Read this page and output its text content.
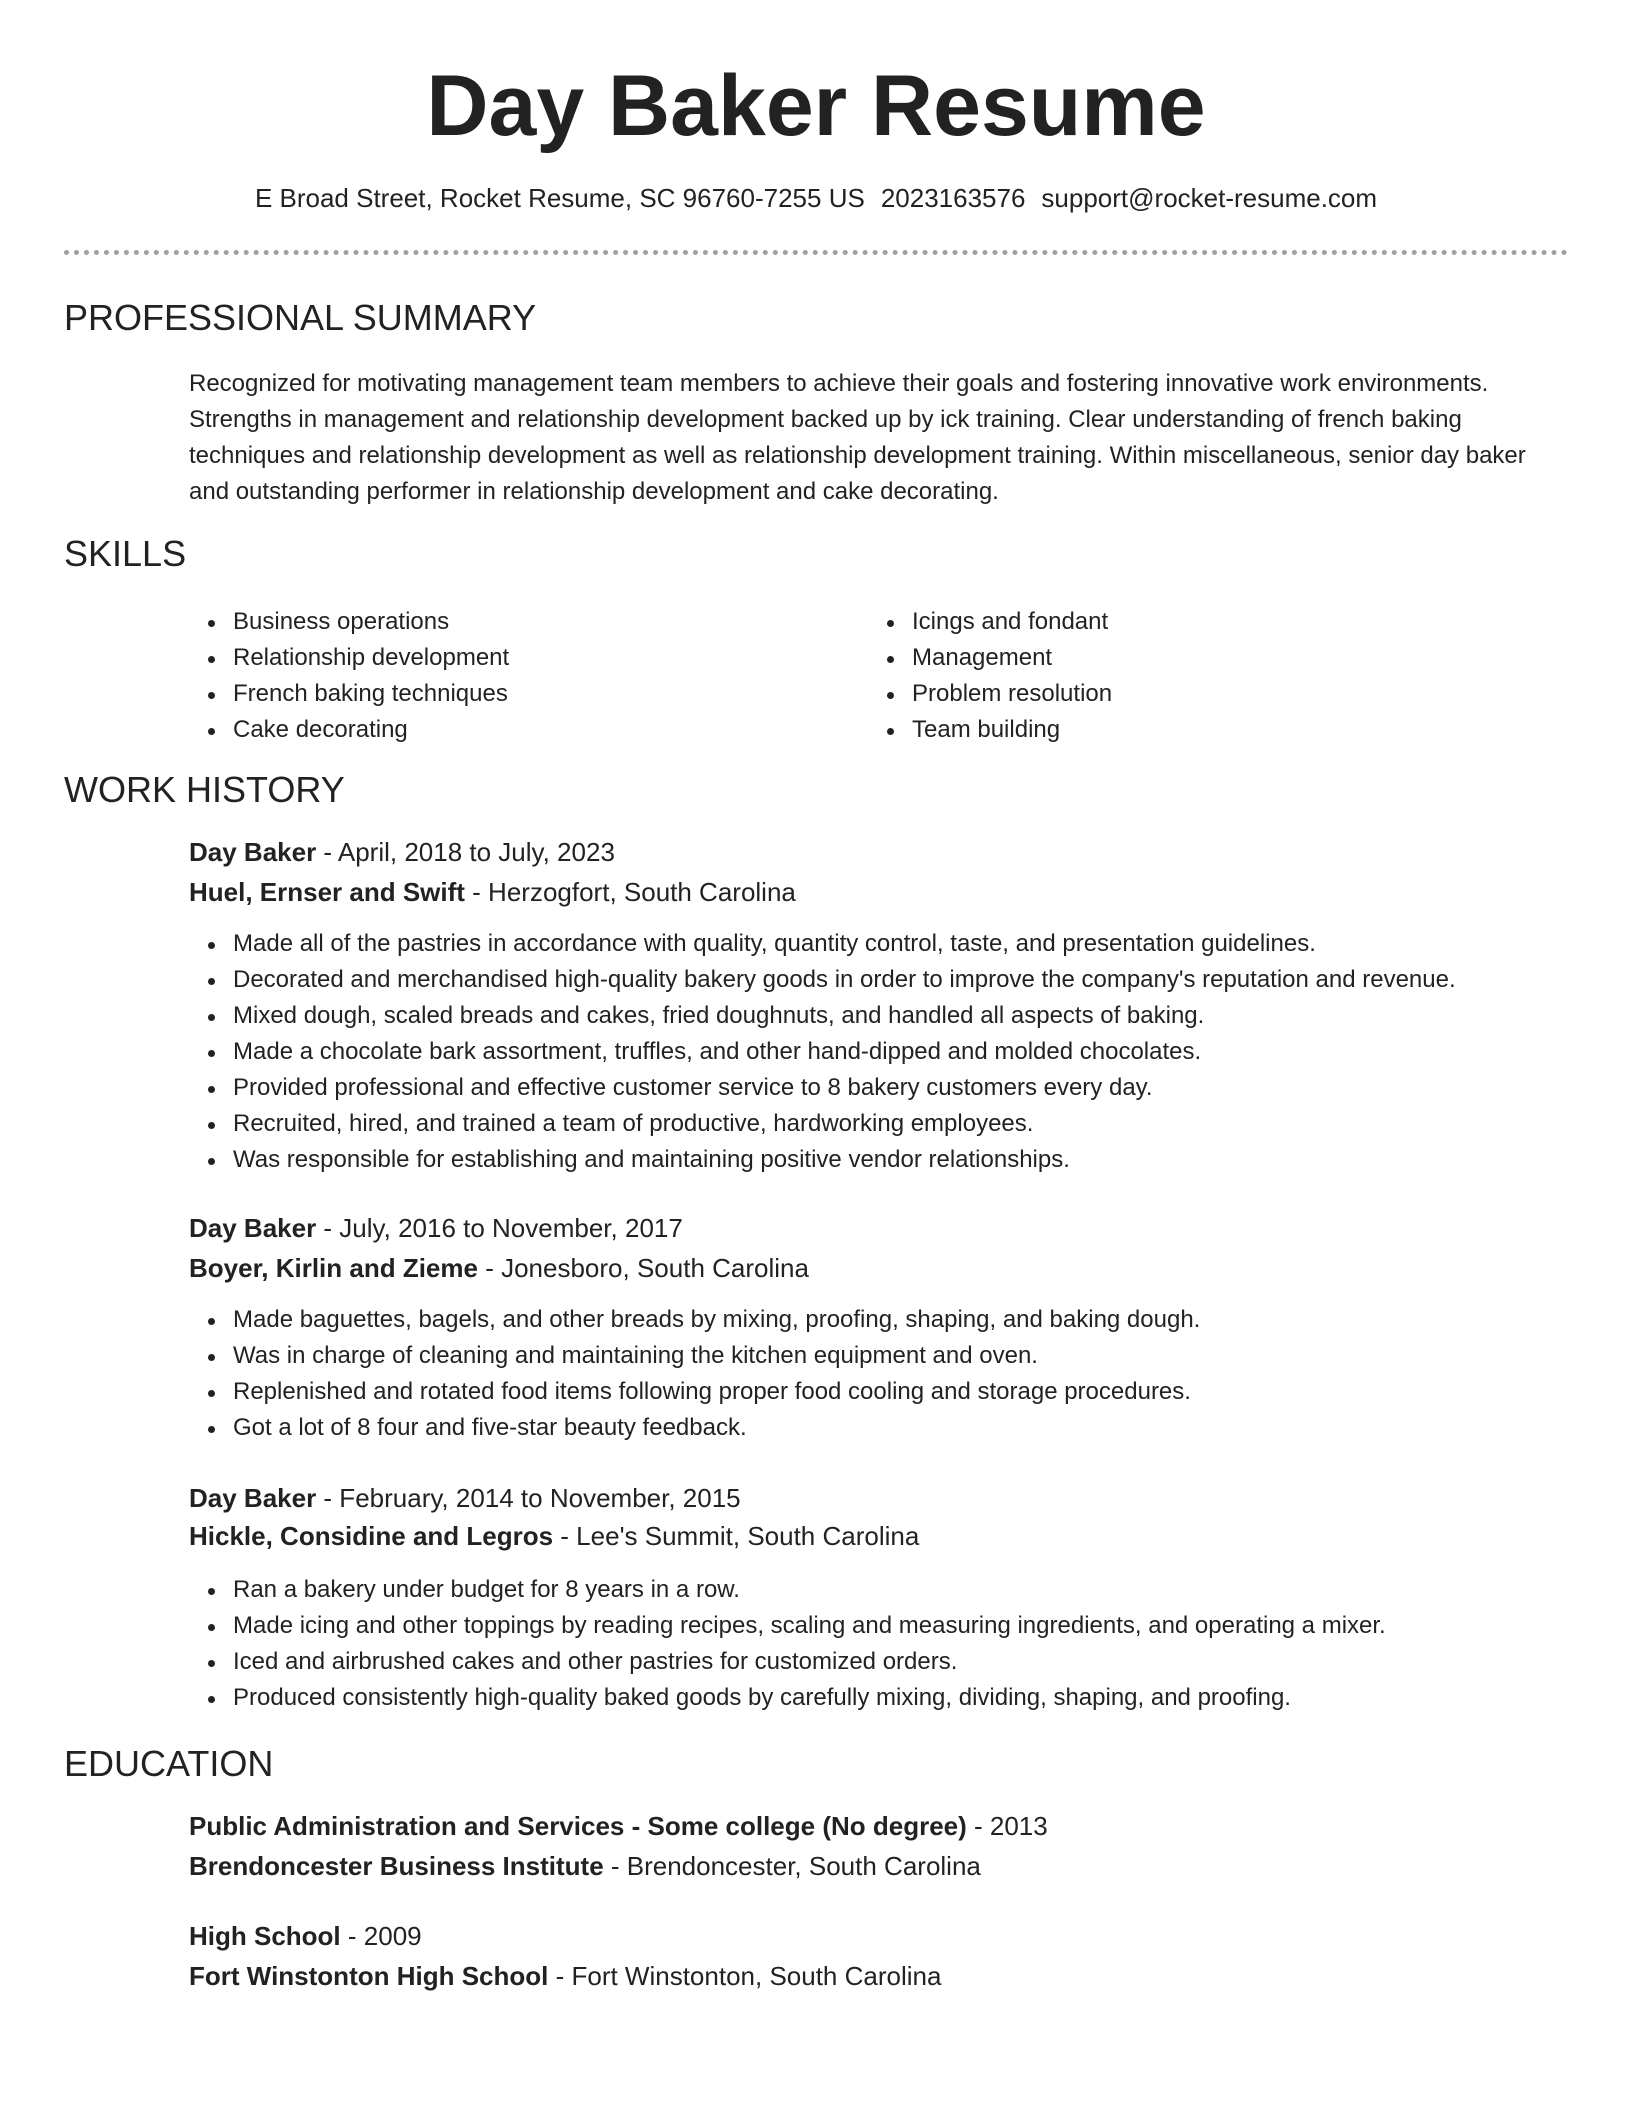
Day Baker Resume
E Broad Street, Rocket Resume, SC 96760-7255 US 2023163576 support@rocket-resume.com
PROFESSIONAL SUMMARY
Recognized for motivating management team members to achieve their goals and fostering innovative work environments. Strengths in management and relationship development backed up by ick training. Clear understanding of french baking techniques and relationship development as well as relationship development training. Within miscellaneous, senior day baker and outstanding performer in relationship development and cake decorating.
SKILLS
Business operations
Relationship development
French baking techniques
Cake decorating
Icings and fondant
Management
Problem resolution
Team building
WORK HISTORY
Day Baker - April, 2018 to July, 2023
Huel, Ernser and Swift - Herzogfort, South Carolina
Made all of the pastries in accordance with quality, quantity control, taste, and presentation guidelines.
Decorated and merchandised high-quality bakery goods in order to improve the company's reputation and revenue.
Mixed dough, scaled breads and cakes, fried doughnuts, and handled all aspects of baking.
Made a chocolate bark assortment, truffles, and other hand-dipped and molded chocolates.
Provided professional and effective customer service to 8 bakery customers every day.
Recruited, hired, and trained a team of productive, hardworking employees.
Was responsible for establishing and maintaining positive vendor relationships.
Day Baker - July, 2016 to November, 2017
Boyer, Kirlin and Zieme - Jonesboro, South Carolina
Made baguettes, bagels, and other breads by mixing, proofing, shaping, and baking dough.
Was in charge of cleaning and maintaining the kitchen equipment and oven.
Replenished and rotated food items following proper food cooling and storage procedures.
Got a lot of 8 four and five-star beauty feedback.
Day Baker - February, 2014 to November, 2015
Hickle, Considine and Legros - Lee's Summit, South Carolina
Ran a bakery under budget for 8 years in a row.
Made icing and other toppings by reading recipes, scaling and measuring ingredients, and operating a mixer.
Iced and airbrushed cakes and other pastries for customized orders.
Produced consistently high-quality baked goods by carefully mixing, dividing, shaping, and proofing.
EDUCATION
Public Administration and Services - Some college (No degree) - 2013
Brendoncester Business Institute - Brendoncester, South Carolina
High School - 2009
Fort Winstonton High School - Fort Winstonton, South Carolina
